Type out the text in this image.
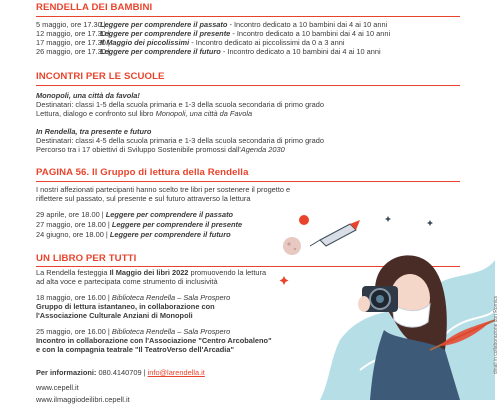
RENDELLA DEI BAMBINI
5 maggio, ore 17.30 | Leggere per comprendere il passato - Incontro dedicato a 10 bambini dai 4 ai 10 anni
12 maggio, ore 17.30 | Leggere per comprendere il presente - Incontro dedicato a 10 bambini dai 4 ai 10 anni
17 maggio, ore 17.30 | Il Maggio dei piccolissimi - Incontro dedicato ai piccolissimi da 0 a 3 anni
26 maggio, ore 17.30 | Leggere per comprendere il futuro - Incontro dedicato a 10 bambini dai 4 ai 10 anni
INCONTRI PER LE SCUOLE
Monopoli, una città da favola!
Destinatari: classi 1-5 della scuola primaria e 1-3 della scuola secondaria di primo grado
Lettura, dialogo e confronto sul libro Monopoli, una città da Favola
In Rendella, tra presente e futuro
Destinatari: classi 4-5 della scuola primaria e 1-3 della scuola secondaria di primo grado
Percorso tra i 17 obiettivi di Sviluppo Sostenibile promossi dall'Agenda 2030
PAGINA 56. Il Gruppo di lettura della Rendella
I nostri affezionati partecipanti hanno scelto tre libri per sostenere il progetto e
riflettere sul passato, sul presente e sul futuro attraverso la lettura
29 aprile, ore 18.00 | Leggere per comprendere il passato
27 maggio, ore 18.00 | Leggere per comprendere il presente
24 giugno, ore 18.00 | Leggere per comprendere il futuro
UN LIBRO PER TUTTI
La Rendella festeggia Il Maggio dei libri 2022 promuovendo la lettura
ad alta voce e partecipata come strumento di inclusività
18 maggio, ore 16.00 | Biblioteca Rendella – Sala Prospero
Gruppo di lettura istantaneo, in collaborazione con
l'Associazione Culturale Anziani di Monopoli
25 maggio, ore 16.00 | Biblioteca Rendella – Sala Prospero
Incontro in collaborazione con l'Associazione "Centro Arcobaleno"
e con la compagnia teatrale "Il TeatroVerso dell'Arcadia"
Per informazioni: 080.4140709 | info@larendella.it
www.cepell.it
www.ilmaggiodeilibri.cepell.it
dinali in collaborazione con Romics
